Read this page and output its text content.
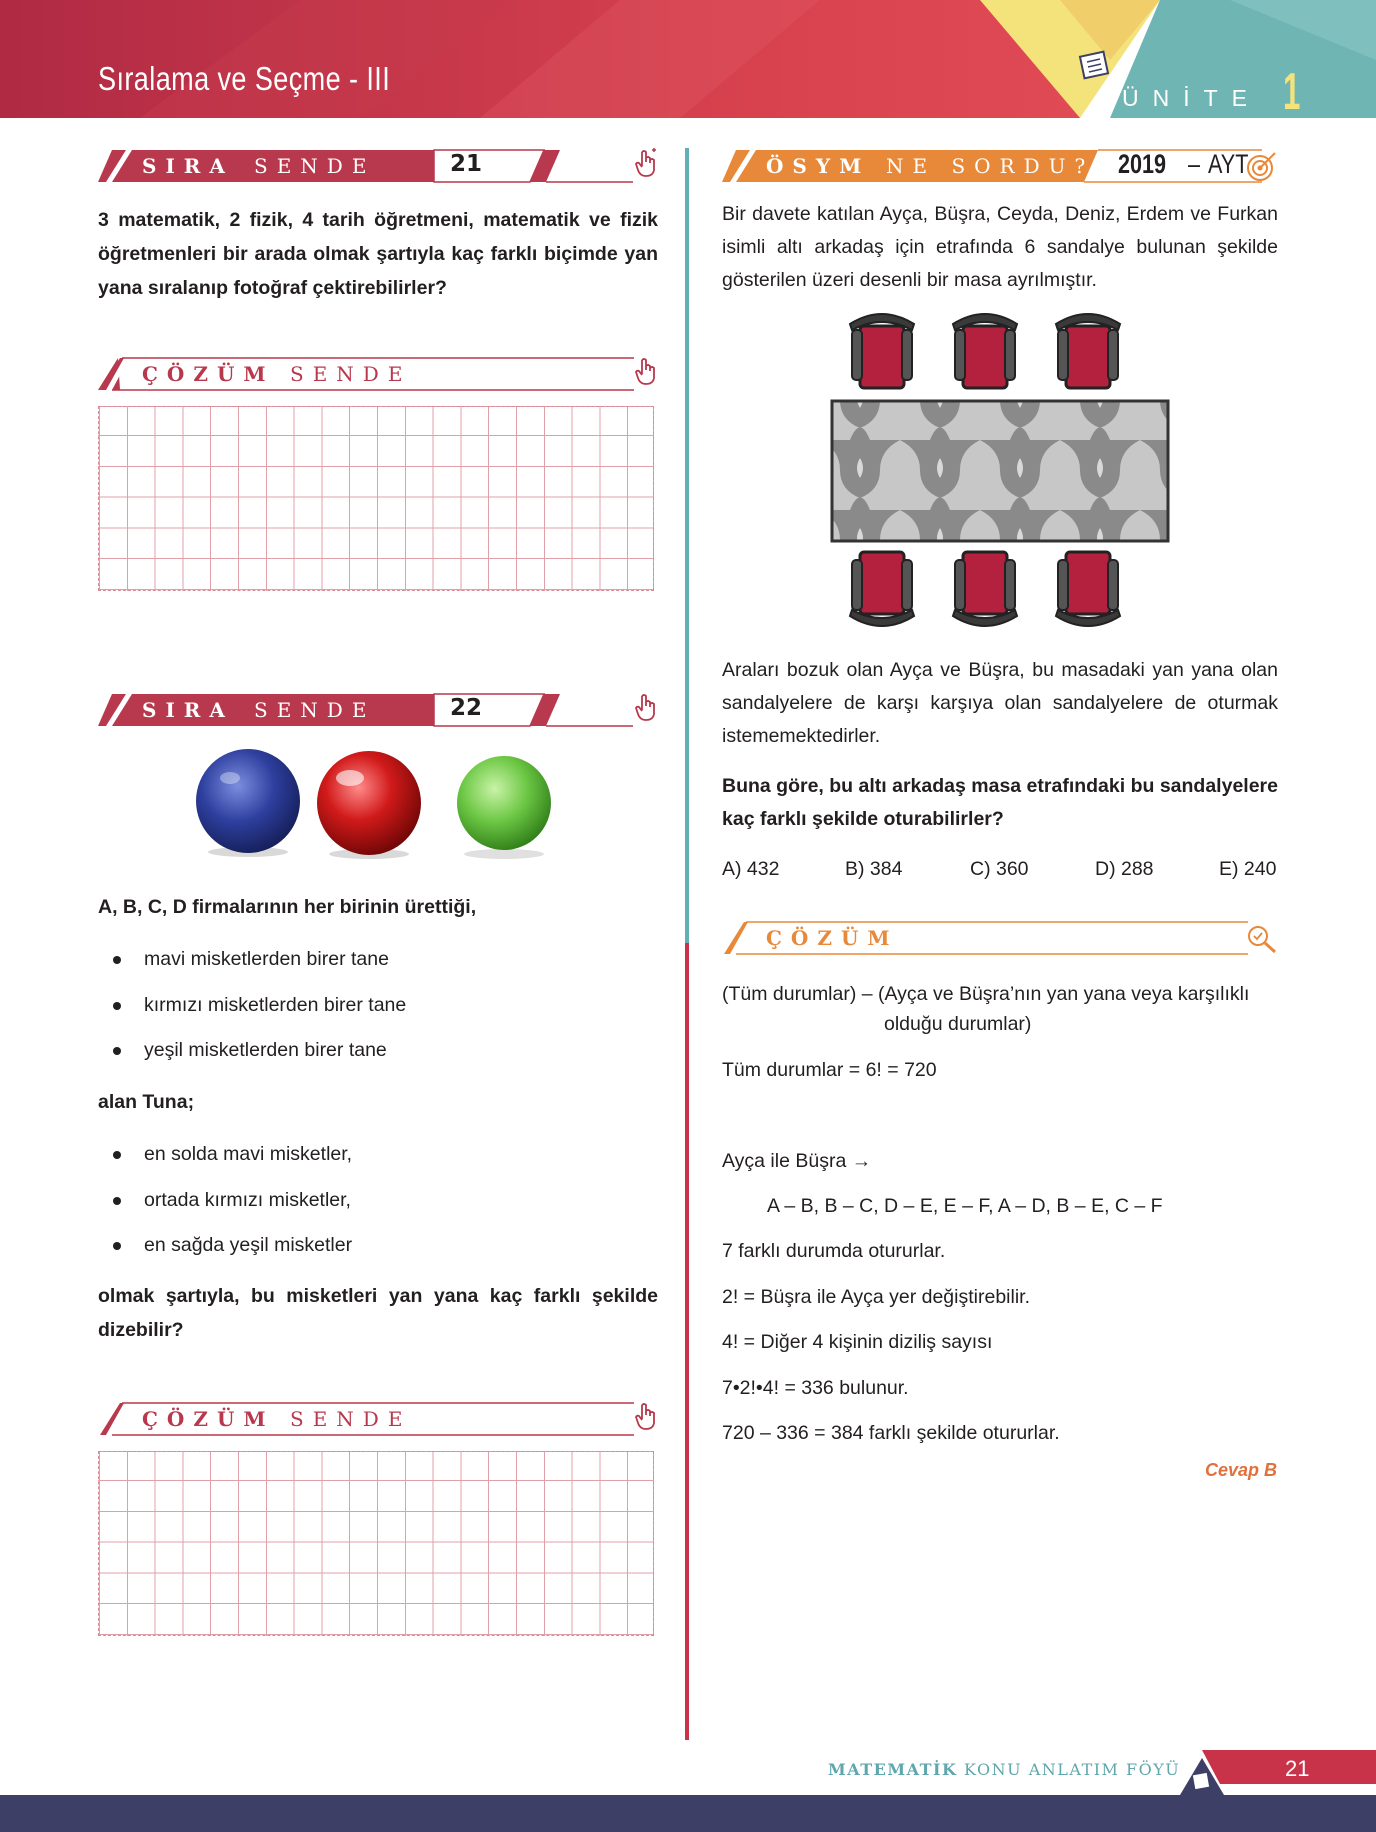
Sıralama ve Seçme - III
ÜNİTE 1
SIRA SENDE	21
3 matematik, 2 fizik, 4 tarih öğretmeni, matematik ve fizik öğretmenleri bir arada olmak şartıyla kaç farklı biçimde yan yana sıralanıp fotoğraf çektirebilirler?
ÇÖZÜM SENDE
SIRA SENDE	22
A, B, C, D firmalarının her birinin ürettiği,
mavi misketlerden birer tane
kırmızı misketlerden birer tane
yeşil misketlerden birer tane
alan Tuna;
en solda mavi misketler,
ortada kırmızı misketler,
en sağda yeşil misketler
olmak şartıyla, bu misketleri yan yana kaç farklı şekilde dizebilir?
ÇÖZÜM SENDE
ÖSYM NE SORDU? 2019 – AYT
Bir davete katılan Ayça, Büşra, Ceyda, Deniz, Erdem ve Furkan isimli altı arkadaş için etrafında 6 sandalye bulunan şekilde gösterilen üzeri desenli bir masa ayrılmıştır.
Araları bozuk olan Ayça ve Büşra, bu masadaki yan yana olan sandalyelere de karşı karşıya olan sandalyelere de oturmak istememektedirler.
Buna göre, bu altı arkadaş masa etrafındaki bu sandalyelere kaç farklı şekilde oturabilirler?
A) 432	B) 384	C) 360	D) 288	E) 240
ÇÖZÜM
(Tüm durumlar) – (Ayça ve Büşra’nın yan yana veya karşılıklı
olduğu durumlar)
Tüm durumlar = 6! = 720
Ayça ile Büşra →
A – B, B – C, D – E, E – F, A – D, B – E, C – F
7 farklı durumda otururlar.
2! = Büşra ile Ayça yer değiştirebilir.
4! = Diğer 4 kişinin diziliş sayısı
7•2!•4! = 336 bulunur.
720 – 336 = 384 farklı şekilde otururlar.
Cevap B
MATEMATİK KONU ANLATIM FÖYÜ	21
